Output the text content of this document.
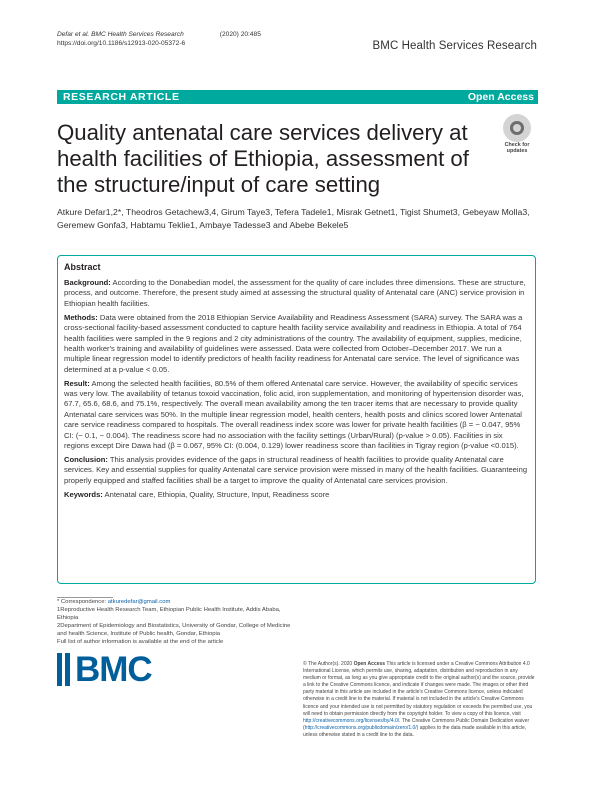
Defar et al. BMC Health Services Research	(2020) 20:485
https://doi.org/10.1186/s12913-020-05372-6	BMC Health Services Research
RESEARCH ARTICLE	Open Access
Quality antenatal care services delivery at health facilities of Ethiopia, assessment of the structure/input of care setting
Check for
updates
Atkure Defar1,2*, Theodros Getachew3,4, Girum Taye3, Tefera Tadele1, Misrak Getnet1, Tigist Shumet3, Gebeyaw Molla3, Geremew Gonfa3, Habtamu Teklie1, Ambaye Tadesse3 and Abebe Bekele5
Abstract

Background: According to the Donabedian model, the assessment for the quality of care includes three dimensions. These are structure, process, and outcome. Therefore, the present study aimed at assessing the structural quality of Antenatal care (ANC) service provision in Ethiopian health facilities.

Methods: Data were obtained from the 2018 Ethiopian Service Availability and Readiness Assessment (SARA) survey. The SARA was a cross-sectional facility-based assessment conducted to capture health facility service availability and readiness in Ethiopia. A total of 764 health facilities were sampled in the 9 regions and 2 city administrations of the country. The availability of equipment, supplies, medicine, health worker's training and availability of guidelines were assessed. Data were collected from October–December 2017. We run a multiple linear regression model to identify predictors of health facility readiness for Antenatal care service. The level of significance was determined at a p-value < 0.05.

Result: Among the selected health facilities, 80.5% of them offered Antenatal care service. However, the availability of specific services was very low. The availability of tetanus toxoid vaccination, folic acid, iron supplementation, and monitoring of hypertension disorder was, 67.7, 65.6, 68.6, and 75.1%, respectively. The overall mean availability among the ten tracer items that are necessary to provide quality Antenatal care services was 50%. In the multiple linear regression model, health centers, health posts and clinics scored lower Antenatal care service readiness compared to hospitals. The overall readiness index score was lower for private health facilities (β = − 0.047, 95% CI: (− 0.1, − 0.004). The readiness score had no association with the facility settings (Urban/Rural) (p-value > 0.05). Facilities in six regions except Dire Dawa had (β = 0.067, 95% CI: (0.004, 0.129) lower readiness score than facilities in Tigray region (p-value <0.015).

Conclusion: This analysis provides evidence of the gaps in structural readiness of health facilities to provide quality Antenatal care services. Key and essential supplies for quality Antenatal care service provision were missed in many of the health facilities. Guaranteeing properly equipped and staffed facilities shall be a target to improve the quality of Antenatal care services provision.

Keywords: Antenatal care, Ethiopia, Quality, Structure, Input, Readiness score

* Correspondence: atkuredefar@gmail.com
1Reproductive Health Research Team, Ethiopian Public Health Institute, Addis Ababa, Ethiopia
2Department of Epidemiology and Biostatistics, University of Gondar, College of Medicine and health Science, Institute of Public health, Gondar, Ethiopia
Full list of author information is available at the end of the article
BMC	© The Author(s). 2020 Open Access This article is licensed under a Creative Commons Attribution 4.0 International License, which permits use, sharing, adaptation, distribution and reproduction in any medium or format, as long as you give appropriate credit to the original author(s) and the source, provide a link to the Creative Commons licence, and indicate if changes were made. The images or other third party material in this article are included in the article's Creative Commons licence, unless indicated otherwise in a credit line to the material. If material is not included in the article's Creative Commons licence and your intended use is not permitted by statutory regulation or exceeds the permitted use, you will need to obtain permission directly from the copyright holder. To view a copy of this licence, visit http://creativecommons.org/licenses/by/4.0/. The Creative Commons Public Domain Dedication waiver (http://creativecommons.org/publicdomain/zero/1.0/) applies to the data made available in this article, unless otherwise stated in a credit line to the data.
